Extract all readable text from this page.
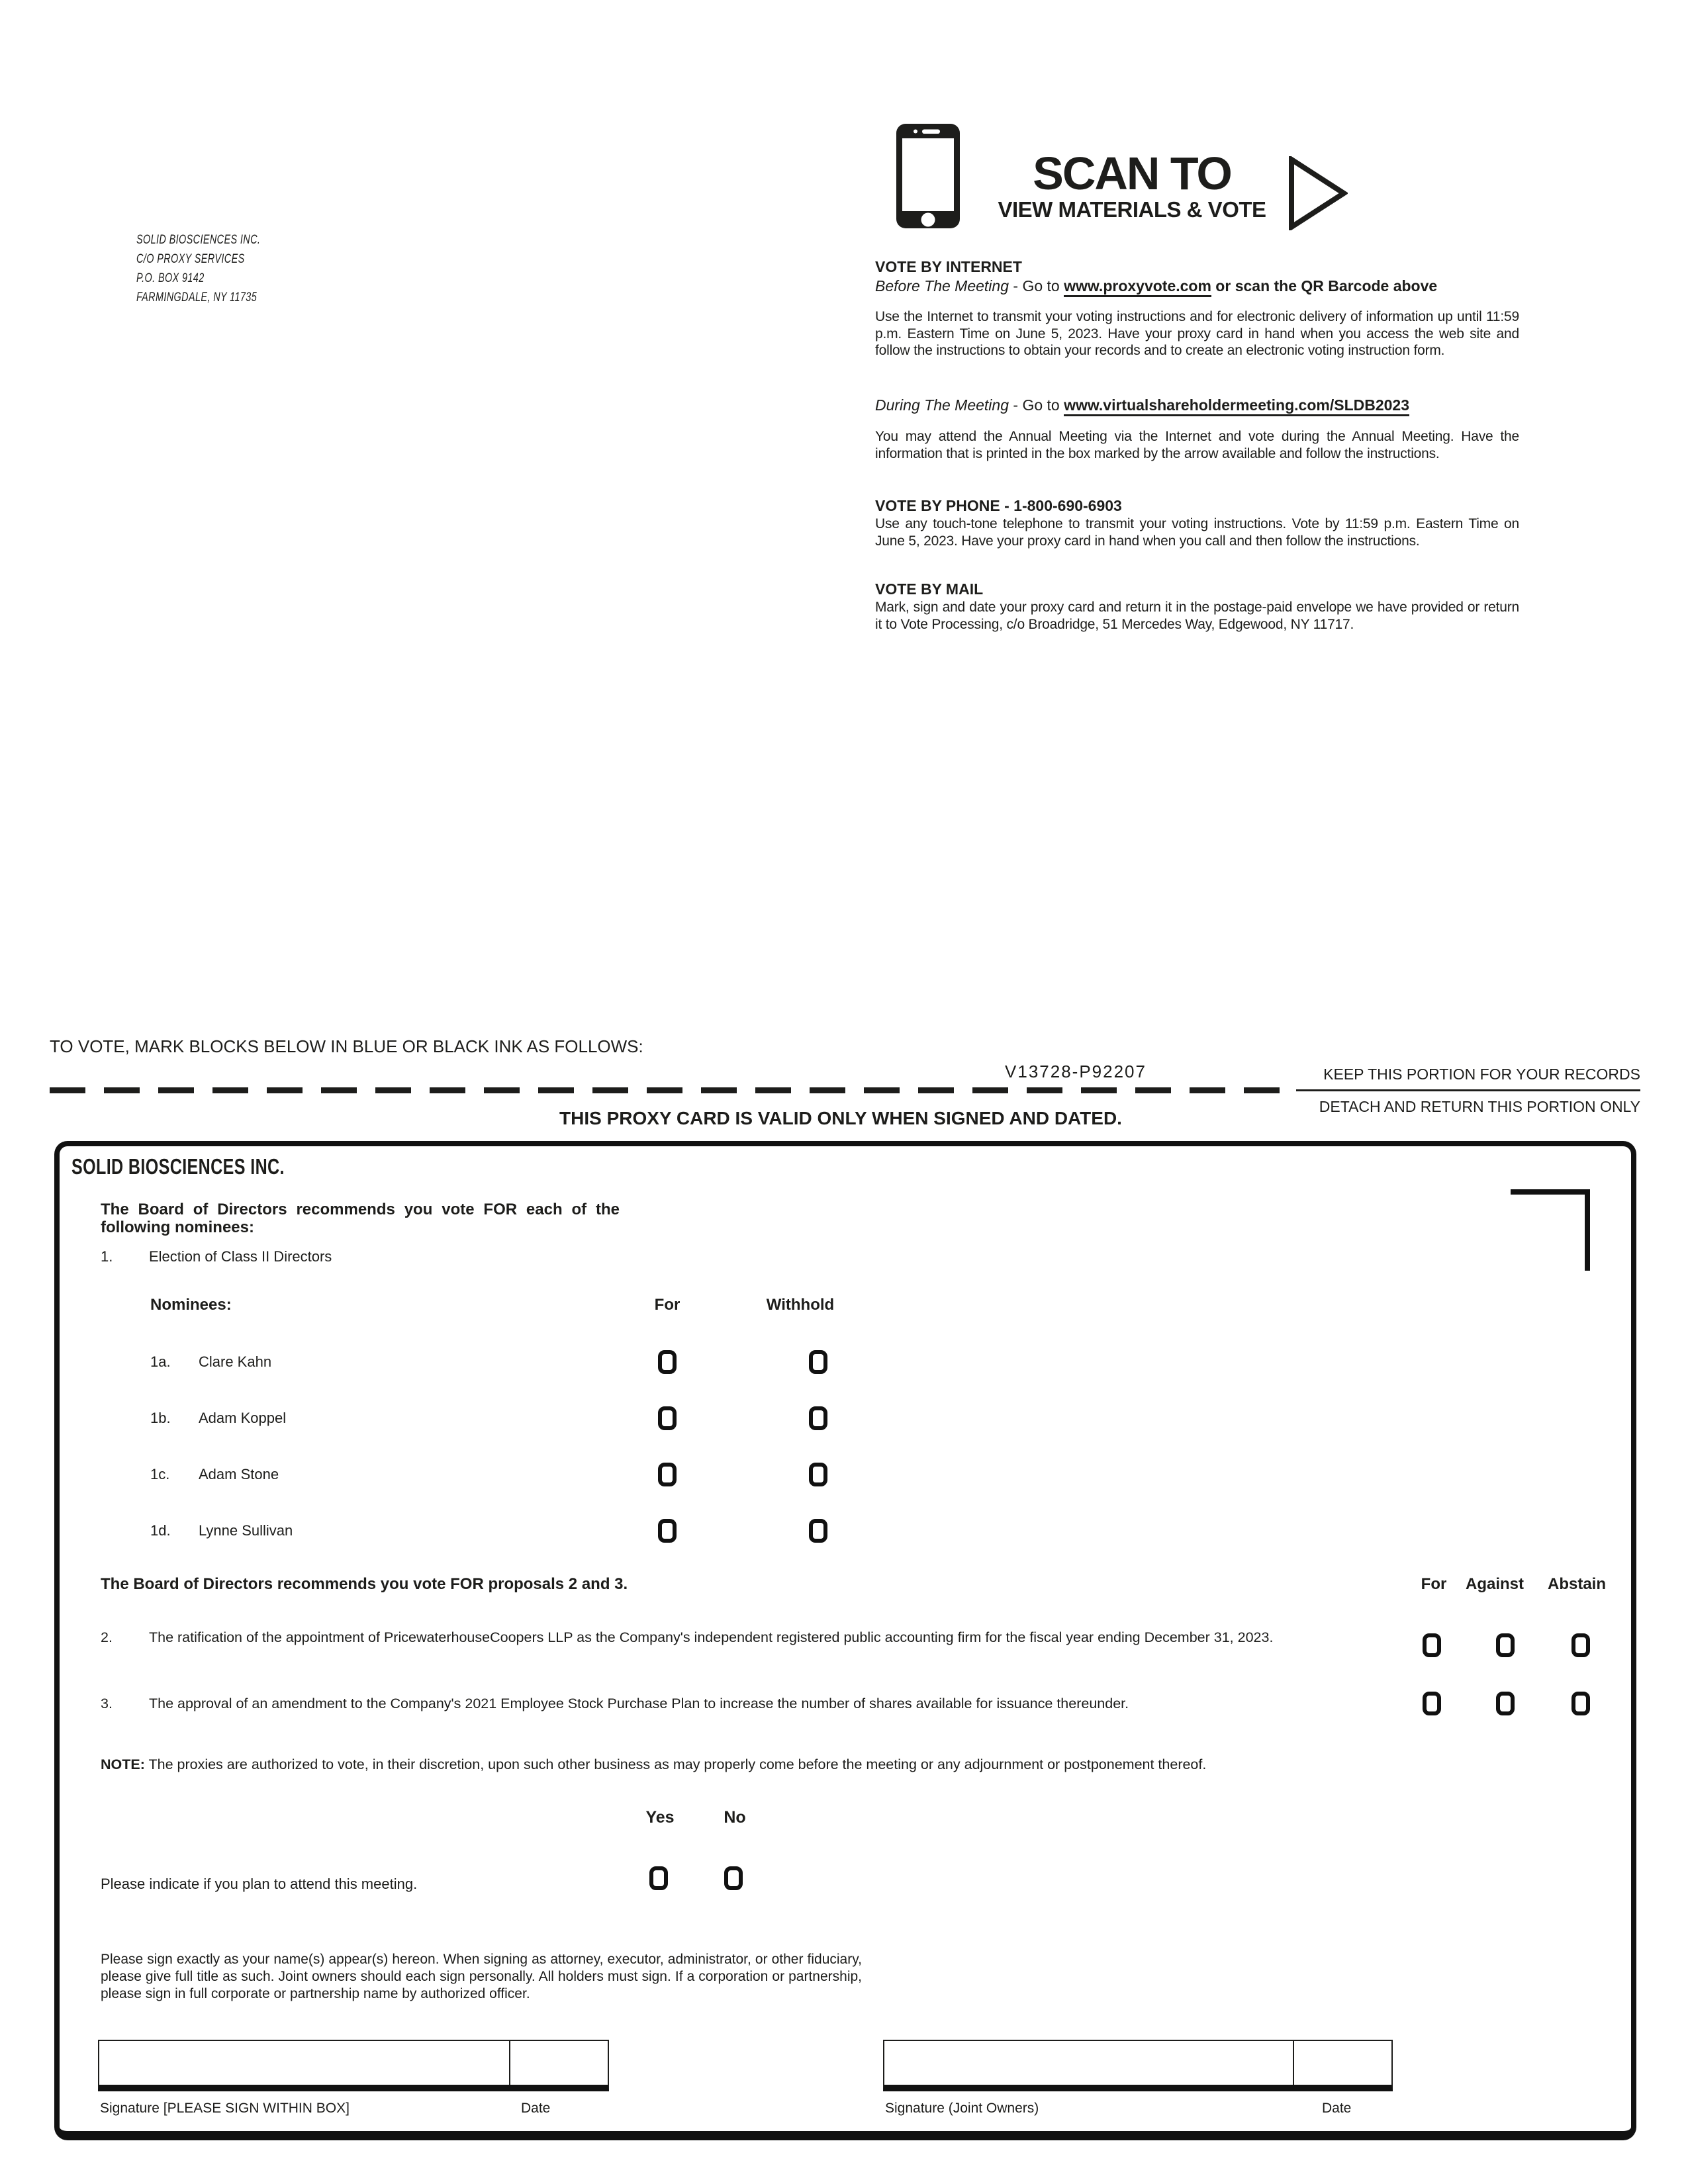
SOLID BIOSCIENCES INC.
C/O PROXY SERVICES
P.O. BOX 9142
FARMINGDALE, NY 11735
SCAN TO
VIEW MATERIALS & VOTE
VOTE BY INTERNET
Before The Meeting - Go to www.proxyvote.com or scan the QR Barcode above
Use the Internet to transmit your voting instructions and for electronic delivery of information up until 11:59 p.m. Eastern Time on June 5, 2023. Have your proxy card in hand when you access the web site and follow the instructions to obtain your records and to create an electronic voting instruction form.
During The Meeting - Go to www.virtualshareholdermeeting.com/SLDB2023
You may attend the Annual Meeting via the Internet and vote during the Annual Meeting. Have the information that is printed in the box marked by the arrow available and follow the instructions.
VOTE BY PHONE - 1-800-690-6903
Use any touch-tone telephone to transmit your voting instructions. Vote by 11:59 p.m. Eastern Time on June 5, 2023. Have your proxy card in hand when you call and then follow the instructions.
VOTE BY MAIL
Mark, sign and date your proxy card and return it in the postage-paid envelope we have provided or return it to Vote Processing, c/o Broadridge, 51 Mercedes Way, Edgewood, NY 11717.
TO VOTE, MARK BLOCKS BELOW IN BLUE OR BLACK INK AS FOLLOWS:
V13728-P92207	KEEP THIS PORTION FOR YOUR RECORDS
DETACH AND RETURN THIS PORTION ONLY
THIS PROXY CARD IS VALID ONLY WHEN SIGNED AND DATED.
SOLID BIOSCIENCES INC.
The Board of Directors recommends you vote FOR each of the following nominees:
1. Election of Class II Directors
Nominees:	For	Withhold
1a. Clare Kahn
1b. Adam Koppel
1c. Adam Stone
1d. Lynne Sullivan
The Board of Directors recommends you vote FOR proposals 2 and 3.	For	Against	Abstain
2.	The ratification of the appointment of PricewaterhouseCoopers LLP as the Company's independent registered public accounting firm for the fiscal year ending December 31, 2023.
3.	The approval of an amendment to the Company's 2021 Employee Stock Purchase Plan to increase the number of shares available for issuance thereunder.
NOTE: The proxies are authorized to vote, in their discretion, upon such other business as may properly come before the meeting or any adjournment or postponement thereof.
Yes	No
Please indicate if you plan to attend this meeting.
Please sign exactly as your name(s) appear(s) hereon. When signing as attorney, executor, administrator, or other fiduciary, please give full title as such. Joint owners should each sign personally. All holders must sign. If a corporation or partnership, please sign in full corporate or partnership name by authorized officer.
Signature [PLEASE SIGN WITHIN BOX]	Date	Signature (Joint Owners)	Date
